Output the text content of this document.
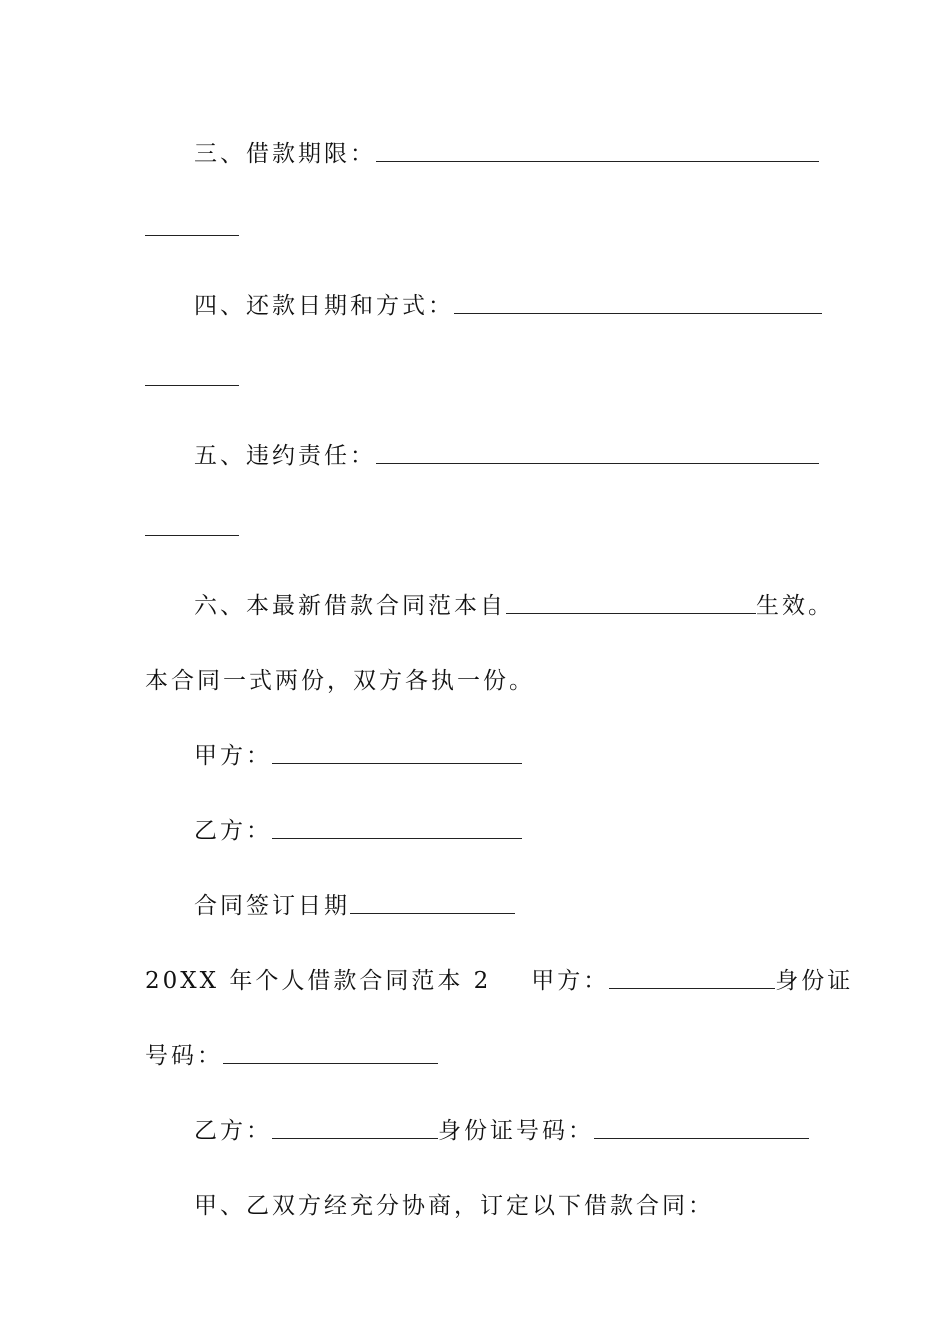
三、借款期限：
四、还款日期和方式：
五、违约责任：
六、本最新借款合同范本自	生效。
本合同一式两份，双方各执一份。
甲方：
乙方：
合同签订日期
20XX 年个人借款合同范本 2 甲方：	身份证
号码：
乙方：	身份证号码：
甲、乙双方经充分协商，订定以下借款合同：
